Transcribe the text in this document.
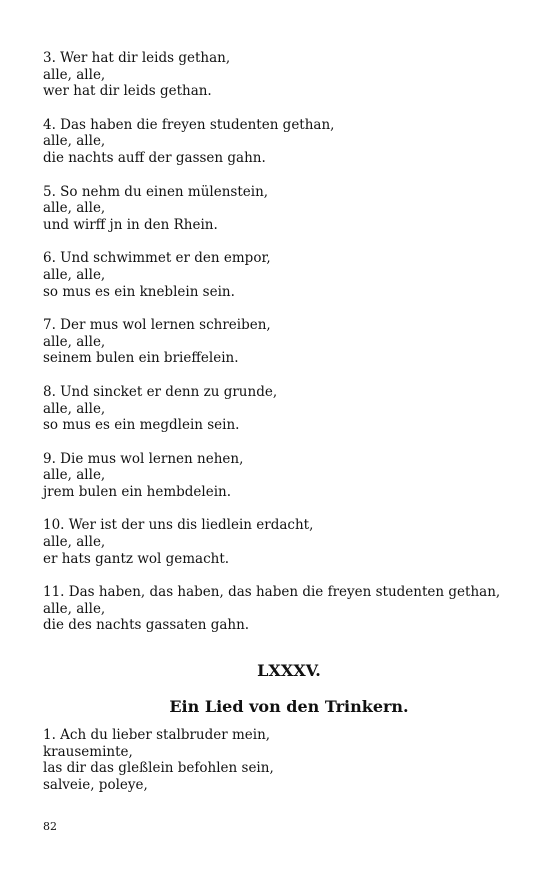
3. Wer hat dir leids gethan,
alle, alle,
wer hat dir leids gethan.
4. Das haben die freyen studenten gethan,
alle, alle,
die nachts auff der gassen gahn.
5. So nehm du einen mülenstein,
alle, alle,
und wirff jn in den Rhein.
6. Und schwimmet er den empor,
alle, alle,
so mus es ein kneblein sein.
7. Der mus wol lernen schreiben,
alle, alle,
seinem bulen ein brieffelein.
8. Und sincket er denn zu grunde,
alle, alle,
so mus es ein megdlein sein.
9. Die mus wol lernen nehen,
alle, alle,
jrem bulen ein hembdelein.
10. Wer ist der uns dis liedlein erdacht,
alle, alle,
er hats gantz wol gemacht.
11. Das haben, das haben, das haben die freyen studenten gethan,
alle, alle,
die des nachts gassaten gahn.
LXXXV.
Ein Lied von den Trinkern.
1. Ach du lieber stalbruder mein,
krauseminte,
las dir das gleßlein befohlen sein,
salveie, poleye,
82
